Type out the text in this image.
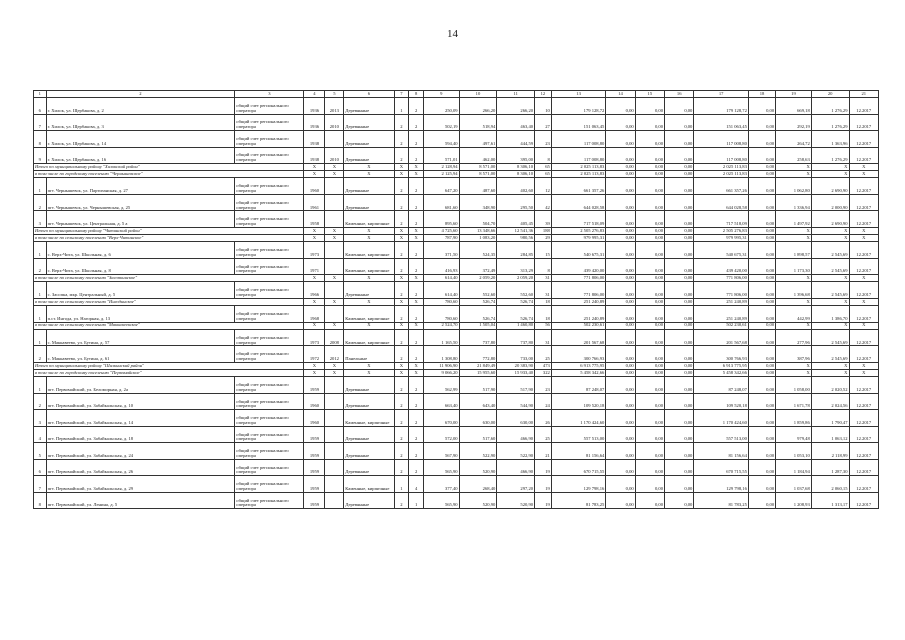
14
1	2	3	4	5	6	7	8	9	10	11	12	13	14	15	16	17	18	19	20	21
6	г. Хилок, ул. Щербакова, д. 2	общий счет регионального оператора	1936	2013	Деревянные	1	2	250,09	266,20	266,20	10	179 128,72	0,00	0,00	0,00	179 128,72	0,00	669,18	1 276,29	12.2017
7	г. Хилок, ул. Щербакова, д. 3	общий счет регионального оператора	1936	2010	Деревянные	2	2	502,19	518,94	463,40	27	151 063,45	0,00	0,00	0,00	151 063,45	0,00	292,19	1 276,29	12.2017
8	г. Хилок, ул. Щербакова, д. 14	общий счет регионального оператора	1938		Деревянные	2	2	594,40	497,61	444,59	23	117 008,80	0,00	0,00	0,00	117 008,80	0,00	264,72	1 363,96	12.2017
9	г. Хилок, ул. Щербакова, д. 16	общий счет регионального оператора	1938	2010	Деревянные	2	2	571,01	462,00	395,00	8	117 008,80	0,00	0,00	0,00	117 008,80	0,00	258,63	1 276,29	12.2017
Итого по муниципальному району "Хилокский район"			X	X	X	X	X	2 128,94	8 571,00	8 306,10	65	2 025 113,83	0,00	0,00	0,00	2 025 113,83	0,00	X	X	X
в том числе по городскому поселению "Чернышевское"			X	X	X	X	X	2 125,94	8 571,00	8 306,10	65	2 025 113,83	0,00	0,00	0,00	2 025 113,83	0,00	X	X	X
1	пгт. Чернышевск, ул. Партизанская, д. 27	общий счет регионального оператора	1960		Деревянные	2	2	647,20	487,60	402,60	12	661 357,26	0,00	0,00	0,00	661 357,26	0,00	1 062,80	2 690,90	12.2017
2	пгт. Чернышевск, ул. Чернышевская, д. 25	общий счет регионального оператора	1961		Деревянные	2	2	681,60	348,90	295,50	42	644 028,58	0,00	0,00	0,00	644 028,58	0,00	1 336,94	2 000,90	12.2017
3	пгт. Чернышевск, ул. Центральная, д. 5 а	общий счет регионального оператора	1958		Каменные, кирпичные	2	2	895,60	504,70	405,45	39	717 518,09	0,00	0,00	0,00	717 518,09	0,00	1 497,92	2 690,90	12.2017
Итого по муниципальному району "Читинский район"			X	X	X	X	X	4 725,60	13 348,66	12 541,36	188	2 505 276,83	0,00	0,00	0,00	2 505 276,83	0,00	X	X	X
в том числе по сельскому поселению "Верх-Читинское"			X	X	X	X	X	787,90	1 083,20	980,56	29	979 995,31	0,00	0,00	0,00	979 995,31	0,00	X	X	X
1	с. Верх-Чита, ул. Школьная, д. 6	общий счет регионального оператора	1973		Каменные, кирпичные	2	2	371,50	524,35	284,85	15	540 675,31	0,00	0,00	0,00	540 675,31	0,00	1 898,57	2 545,69	12.2017
2	с. Верх-Чита, ул. Школьная, д. 8	общий счет регионального оператора	1971		Каменные, кирпичные	2	2	416,93	372,49	313,29	8	439 420,00	0,00	0,00	0,00	439 420,00	0,00	1 173,30	2 545,69	12.2017
в том числе по сельскому поселению "Засопкинское"			X	X	X	X	X	614,40	2 059,20	2 059,20	31	771 806,00	0,00	0,00	0,00	771 806,00	0,00	X	X	X
1	с. Засопка, мкр. Центральный, д. 5	общий счет регионального оператора	1966		Деревянные	2	2	614,40	552,60	552,60	31	771 806,00	0,00	0,00	0,00	771 806,00	0,00	1 396,68	2 545,69	12.2017
в том числе по сельскому поселению "Ингодинское"			X	X	X	X	X	780,60	526,74	526,74	18	251 240,89	0,00	0,00	0,00	251 240,89	0,00	X	X	X
1	п.ст. Ингода, ул. Нагорная, д. 13	общий счет регионального оператора	1968		Каменные, кирпичные	2	2	780,60	526,74	526,74	18	251 240,89	0,00	0,00	0,00	251 240,89	0,00	442,99	1 386,70	12.2017
в том числе по сельскому поселению "Маккавеевское"			X	X	X	X	X	2 524,70	1 505,04	1 460,80	56	502 230,61	0,00	0,00	0,00	502 230,61	0,00	X	X	X
1	с. Маккавеево, ул. Бутина, д. 57	общий счет регионального оператора	1973	2008	Каменные, кирпичные	2	2	1 165,50	737,80	737,80	31	201 567,68	0,00	0,00	0,00	201 567,68	0,00	277,96	2 545,69	12.2017
2	с. Маккавеево, ул. Бутина, д. 61	общий счет регионального оператора	1972	2012	Панельные	2	2	1 308,80	772,80	733,00	25	300 766,93	0,00	0,00	0,00	300 766,93	0,00	387,96	2 545,69	12.2017
Итого по муниципальному району "Шилкинский район"			X	X	X	X	X	11 906,90	21 849,49	20 383,90	473	6 913 775,95	0,00	0,00	0,00	6 913 775,95	0,00	X	X	X
в том числе по городскому поселению "Первомайское"			X	X	X	X	X	9 066,20	15 955,60	15 933,40	322	5 458 342,66	0,00	0,00	0,00	5 458 342,66	0,00	X	X	X
1	пгт. Первомайский, ул. Беломорная, д. 2а	общий счет регионального оператора	1959		Деревянные	2	2	562,99	517,90	517,90	23	87 248,07	0,00	0,00	0,00	87 248,07	0,00	1 058,00	2 020,52	12.2017
2	пгт. Первомайский, ул. Забайкальская, д. 10	общий счет регионального оператора	1960		Деревянные	2	2	663,40	643,40	544,90	24	109 520,18	0,00	0,00	0,00	109 520,18	0,00	1 671,78	2 024,56	12.2017
3	пгт. Первомайский, ул. Забайкальская, д. 14	общий счет регионального оператора	1960		Каменные, кирпичные	2	2	670,00	630,00	630,00	26	1 170 424,60	0,00	0,00	0,00	1 170 424,60	0,00	1 859,86	1 790,47	12.2017
4	пгт. Первомайский, ул. Забайкальская, д. 18	общий счет регионального оператора	1959		Деревянные	2	2	572,00	517,60	466,90	25	557 513,00	0,00	0,00	0,00	557 513,00	0,00	979,48	1 063,12	12.2017
5	пгт. Первомайский, ул. Забайкальская, д. 24	общий счет регионального оператора	1959		Деревянные	2	2	567,90	522,90	522,90	21	81 156,64	0,00	0,00	0,00	81 156,64	0,00	1 053,10	2 118,99	12.2017
6	пгт. Первомайский, ул. Забайкальская, д. 26	общий счет регионального оператора	1959		Деревянные	2	2	565,90	520,90	466,90	19	670 715,55	0,00	0,00	0,00	670 715,55	0,00	1 184,94	1 287,30	12.2017
7	пгт. Первомайский, ул. Забайкальская, д. 29	общий счет регионального оператора	1959		Каменные, кирпичные	1	4	377,40	268,40	297,20	19	129 798,16	0,00	0,00	0,00	129 798,16	0,00	1 037,68	2 060,15	12.2017
8	пгт. Первомайский, ул. Ленина, д. 5	общий счет регионального оператора	1959		Деревянные	2	1	565,90	520,90	520,90	19	81 783,25	0,00	0,00	0,00	81 783,25	0,00	1 208,93	1 313,17	12.2017
